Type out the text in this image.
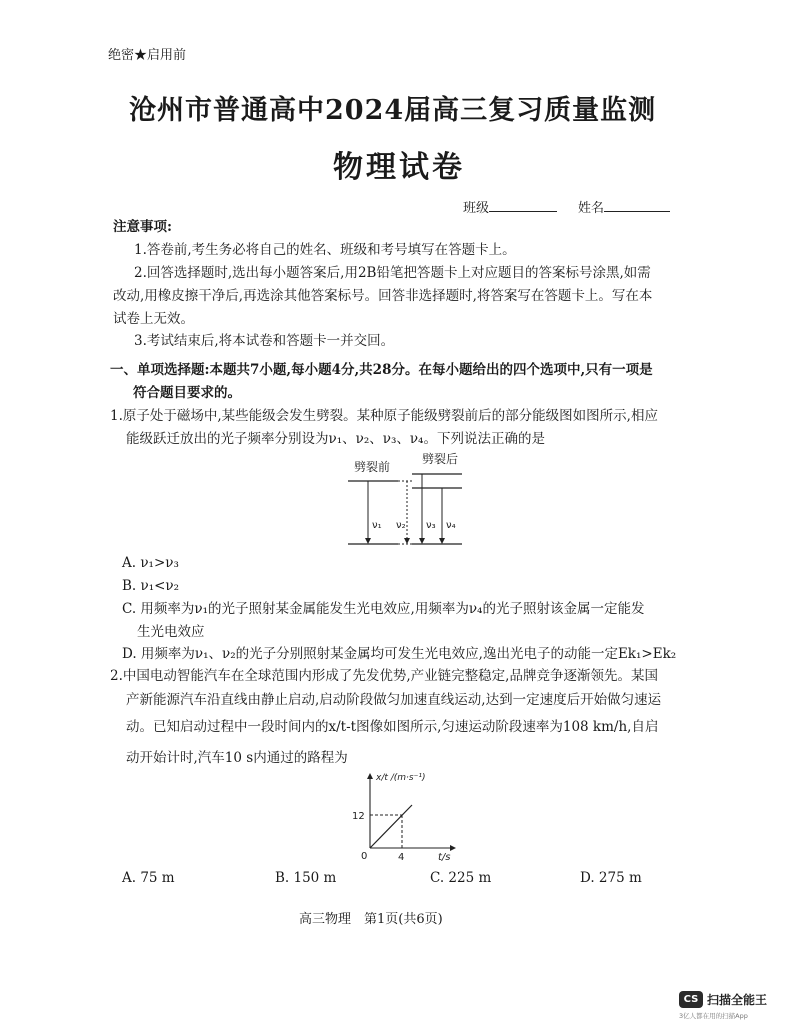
绝密★启用前
沧州市普通高中2024届高三复习质量监测
物理试卷
班级	姓名
注意事项:
1.答卷前,考生务必将自己的姓名、班级和考号填写在答题卡上。
2.回答选择题时,选出每小题答案后,用2B铅笔把答题卡上对应题目的答案标号涂黑,如需
改动,用橡皮擦干净后,再选涂其他答案标号。回答非选择题时,将答案写在答题卡上。写在本
试卷上无效。
3.考试结束后,将本试卷和答题卡一并交回。
一、单项选择题:本题共7小题,每小题4分,共28分。在每小题给出的四个选项中,只有一项是
符合题目要求的。
1.原子处于磁场中,某些能级会发生劈裂。某种原子能级劈裂前后的部分能级图如图所示,相应
能级跃迁放出的光子频率分别设为ν₁、ν₂、ν₃、ν₄。下列说法正确的是
劈裂前
劈裂后
ν₁ ν₂ ν₃ ν₄
A. ν₁>ν₃
B. ν₁<ν₂
C. 用频率为ν₁的光子照射某金属能发生光电效应,用频率为ν₄的光子照射该金属一定能发
生光电效应
D. 用频率为ν₁、ν₂的光子分别照射某金属均可发生光电效应,逸出光电子的动能一定Ek₁>Ek₂
2.中国电动智能汽车在全球范围内形成了先发优势,产业链完整稳定,品牌竞争逐渐领先。某国
产新能源汽车沿直线由静止启动,启动阶段做匀加速直线运动,达到一定速度后开始做匀速运
动。已知启动过程中一段时间内的x/t-t图像如图所示,匀速运动阶段速率为108 km/h,自启
动开始计时,汽车10 s内通过的路程为
x/t /(m·s⁻¹)
t/s
0
12
4
A. 75 m	B. 150 m	C. 225 m	D. 275 m
高三物理　第1页(共6页)
CS 扫描全能王
3亿人都在用的扫描App
